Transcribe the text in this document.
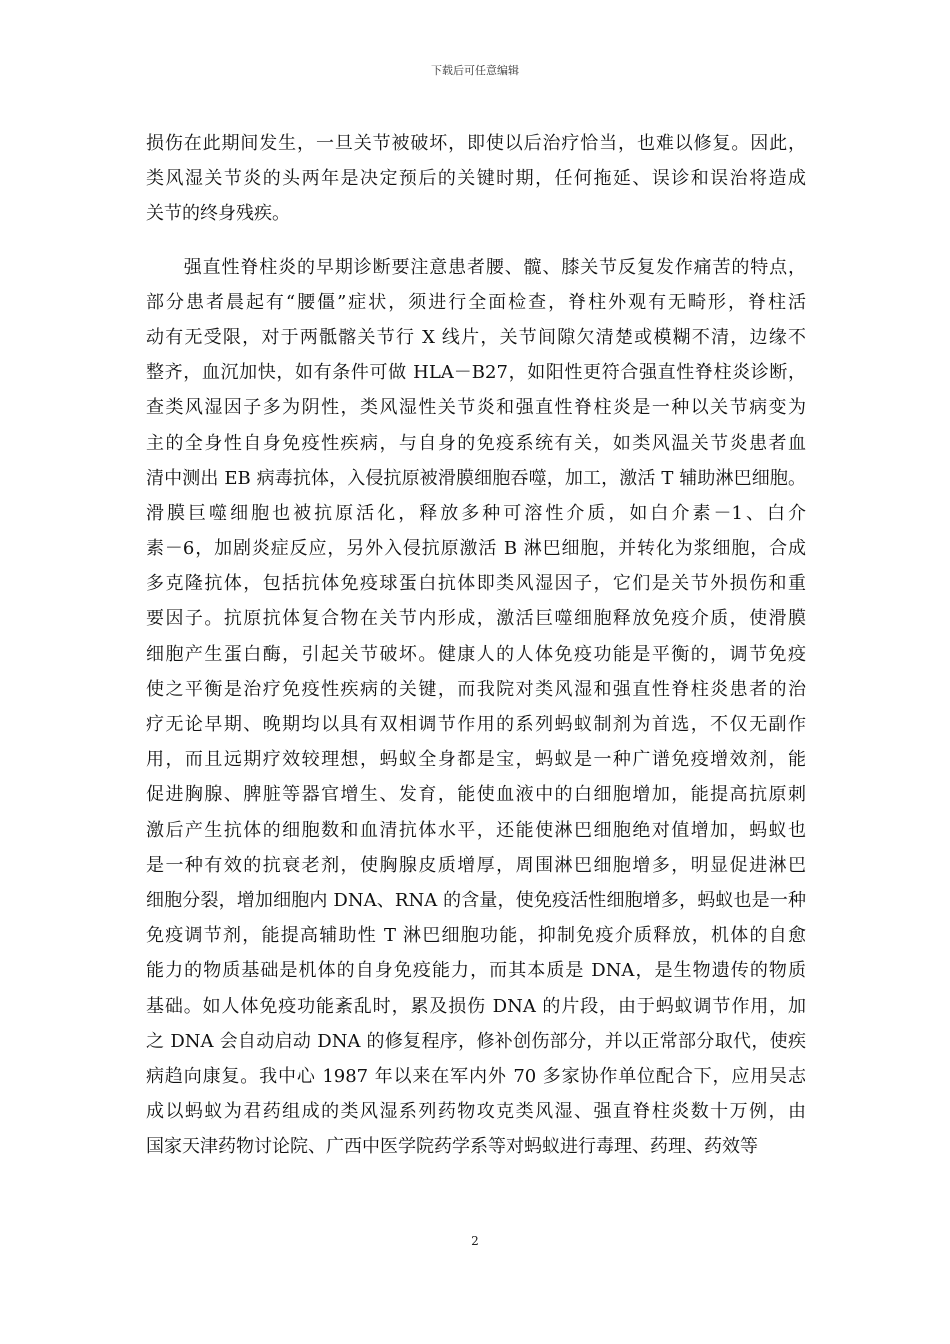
下载后可任意编辑
损伤在此期间发生，一旦关节被破坏，即使以后治疗恰当，也难以修复。因此，
类风湿关节炎的头两年是决定预后的关键时期，任何拖延、误诊和误治将造成
关节的终身残疾。
　　强直性脊柱炎的早期诊断要注意患者腰、髋、膝关节反复发作痛苦的特点，
部分患者晨起有“腰僵”症状，须进行全面检查，脊柱外观有无畸形，脊柱活
动有无受限，对于两骶髂关节行 X 线片，关节间隙欠清楚或模糊不清，边缘不
整齐，血沉加快，如有条件可做 HLA－B27，如阳性更符合强直性脊柱炎诊断，
查类风湿因子多为阴性，类风湿性关节炎和强直性脊柱炎是一种以关节病变为
主的全身性自身免疫性疾病，与自身的免疫系统有关，如类风温关节炎患者血
清中测出 EB 病毒抗体，入侵抗原被滑膜细胞吞噬，加工，激活 T 辅助淋巴细胞。
滑膜巨噬细胞也被抗原活化，释放多种可溶性介质，如白介素－1、白介
素－6，加剧炎症反应，另外入侵抗原激活 B 淋巴细胞，并转化为浆细胞，合成
多克隆抗体，包括抗体免疫球蛋白抗体即类风湿因子，它们是关节外损伤和重
要因子。抗原抗体复合物在关节内形成，激活巨噬细胞释放免疫介质，使滑膜
细胞产生蛋白酶，引起关节破坏。健康人的人体免疫功能是平衡的，调节免疫
使之平衡是治疗免疫性疾病的关键，而我院对类风湿和强直性脊柱炎患者的治
疗无论早期、晚期均以具有双相调节作用的系列蚂蚁制剂为首选，不仅无副作
用，而且远期疗效较理想，蚂蚁全身都是宝，蚂蚁是一种广谱免疫增效剂，能
促进胸腺、脾脏等器官增生、发育，能使血液中的白细胞增加，能提高抗原刺
激后产生抗体的细胞数和血清抗体水平，还能使淋巴细胞绝对值增加，蚂蚁也
是一种有效的抗衰老剂，使胸腺皮质增厚，周围淋巴细胞增多，明显促进淋巴
细胞分裂，增加细胞内 DNA、RNA 的含量，使免疫活性细胞增多，蚂蚁也是一种
免疫调节剂，能提高辅助性 T 淋巴细胞功能，抑制免疫介质释放，机体的自愈
能力的物质基础是机体的自身免疫能力，而其本质是 DNA，是生物遗传的物质
基础。如人体免疫功能紊乱时，累及损伤 DNA 的片段，由于蚂蚁调节作用，加
之 DNA 会自动启动 DNA 的修复程序，修补创伤部分，并以正常部分取代，使疾
病趋向康复。我中心 1987 年以来在军内外 70 多家协作单位配合下，应用吴志
成以蚂蚁为君药组成的类风湿系列药物攻克类风湿、强直脊柱炎数十万例，由
国家天津药物讨论院、广西中医学院药学系等对蚂蚁进行毒理、药理、药效等
2
